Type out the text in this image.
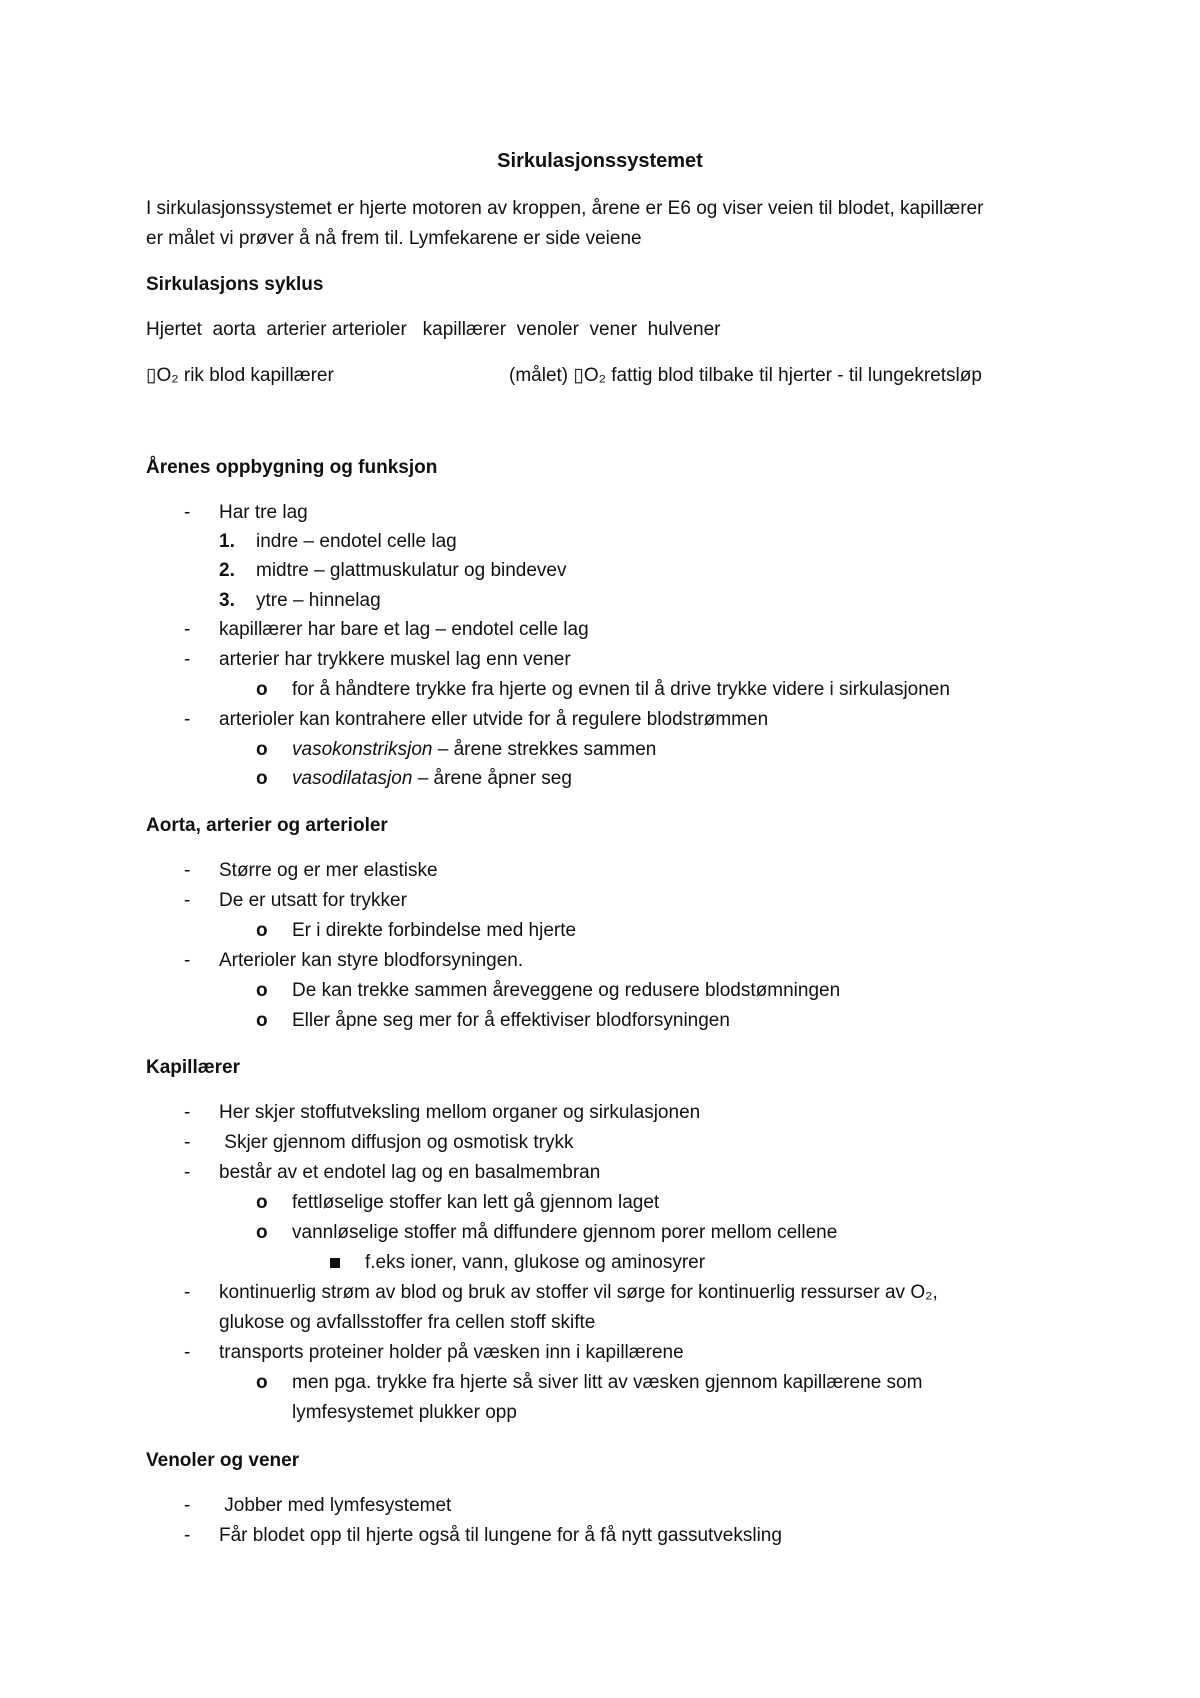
Sirkulasjonssystemet
I sirkulasjonssystemet er hjerte motoren av kroppen, årene er E6 og viser veien til blodet, kapillærer
er målet vi prøver å nå frem til. Lymfekarene er side veiene
Sirkulasjons syklus
Hjertet  aorta  arterier arterioler   kapillærer  venoler  vener  hulvener
▯O₂ rik blod kapillærer	(målet) ▯O₂ fattig blod tilbake til hjerter - til lungekretsløp
Årenes oppbygning og funksjon
- Har tre lag
1. indre – endotel celle lag
2. midtre – glattmuskulatur og bindevev
3. ytre – hinnelag
- kapillærer har bare et lag – endotel celle lag
- arterier har trykkere muskel lag enn vener
o for å håndtere trykke fra hjerte og evnen til å drive trykke videre i sirkulasjonen
- arterioler kan kontrahere eller utvide for å regulere blodstrømmen
o vasokonstriksjon – årene strekkes sammen
o vasodilatasjon – årene åpner seg
Aorta, arterier og arterioler
- Større og er mer elastiske
- De er utsatt for trykker
o Er i direkte forbindelse med hjerte
- Arterioler kan styre blodforsyningen.
o De kan trekke sammen åreveggene og redusere blodstømningen
o Eller åpne seg mer for å effektiviser blodforsyningen
Kapillærer
- Her skjer stoffutveksling mellom organer og sirkulasjonen
- Skjer gjennom diffusjon og osmotisk trykk
- består av et endotel lag og en basalmembran
o fettløselige stoffer kan lett gå gjennom laget
o vannløselige stoffer må diffundere gjennom porer mellom cellene
f.eks ioner, vann, glukose og aminosyrer
- kontinuerlig strøm av blod og bruk av stoffer vil sørge for kontinuerlig ressurser av O₂,
glukose og avfallsstoffer fra cellen stoff skifte
- transports proteiner holder på væsken inn i kapillærene
o men pga. trykke fra hjerte så siver litt av væsken gjennom kapillærene som
lymfesystemet plukker opp
Venoler og vener
- Jobber med lymfesystemet
- Får blodet opp til hjerte også til lungene for å få nytt gassutveksling
